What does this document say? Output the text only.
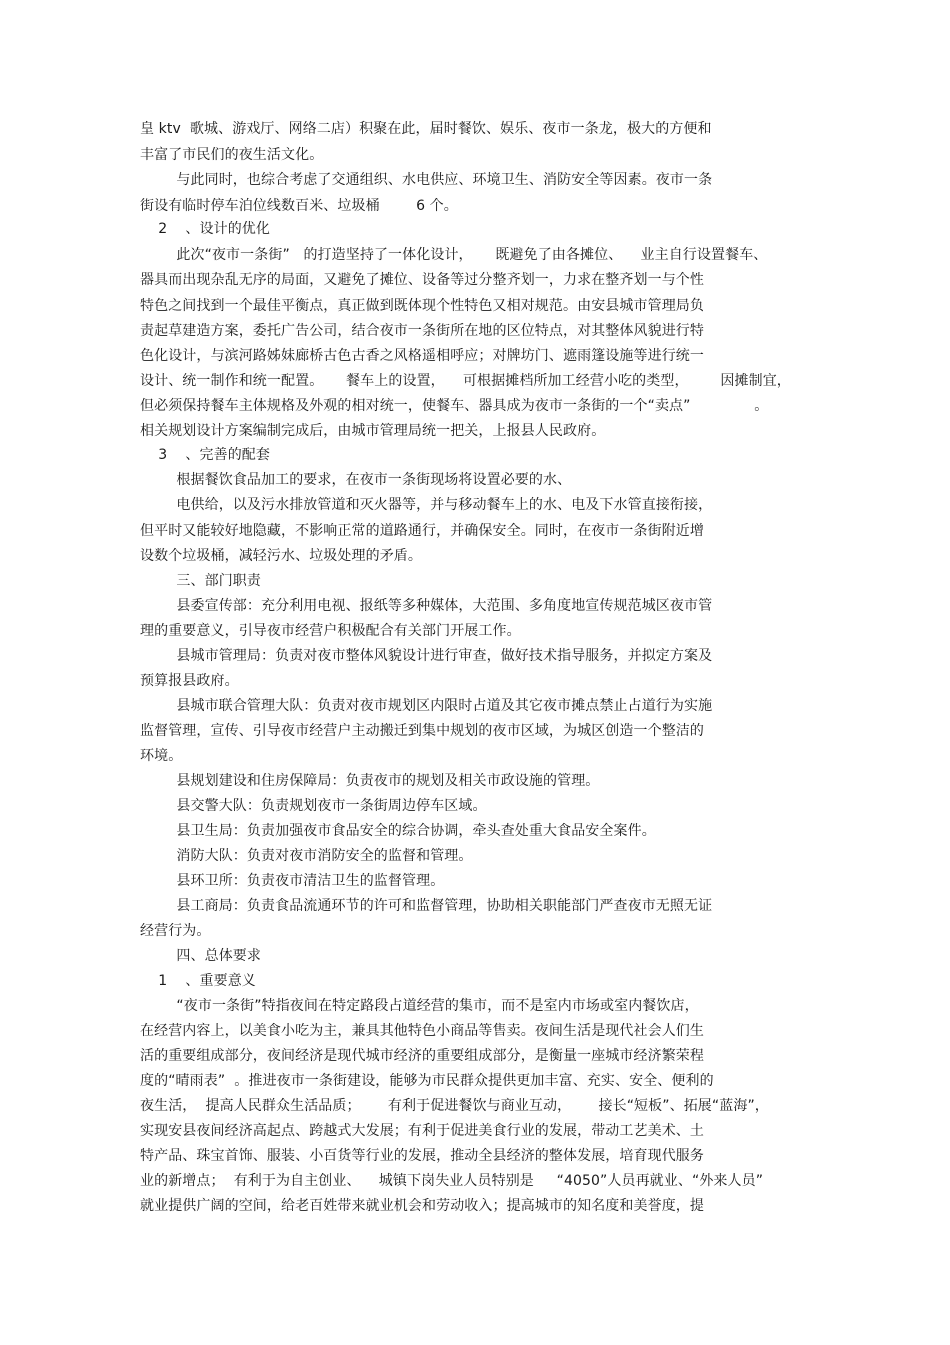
皇 ktv  歌城、游戏厅、网络二店）积聚在此，届时餐饮、娱乐、夜市一条龙，极大的方便和
丰富了市民们的夜生活文化。
与此同时，也综合考虑了交通组织、水电供应、环境卫生、消防安全等因素。夜市一条
街设有临时停车泊位线数百米、垃圾桶        6 个。
2    、设计的优化
此次“夜市一条街”   的打造坚持了一体化设计，     既避免了由各摊位、    业主自行设置餐车、
器具而出现杂乱无序的局面，又避免了摊位、设备等过分整齐划一，力求在整齐划一与个性
特色之间找到一个最佳平衡点，真正做到既体现个性特色又相对规范。由安县城市管理局负
责起草建造方案，委托广告公司，结合夜市一条街所在地的区位特点，对其整体风貌进行特
色化设计，与滨河路姊妹廊桥古色古香之风格遥相呼应；对牌坊门、遮雨篷设施等进行统一
设计、统一制作和统一配置。     餐车上的设置，    可根据摊档所加工经营小吃的类型，       因摊制宜，
但必须保持餐车主体规格及外观的相对统一，使餐车、器具成为夜市一条街的一个“卖点”              。
相关规划设计方案编制完成后，由城市管理局统一把关，上报县人民政府。
3    、完善的配套
根据餐饮食品加工的要求，在夜市一条街现场将设置必要的水、
电供给，以及污水排放管道和灭火器等，并与移动餐车上的水、电及下水管直接衔接，
但平时又能较好地隐藏，不影响正常的道路通行，并确保安全。同时，在夜市一条街附近增
设数个垃圾桶，减轻污水、垃圾处理的矛盾。
三、部门职责
县委宣传部：充分利用电视、报纸等多种媒体，大范围、多角度地宣传规范城区夜市管
理的重要意义，引导夜市经营户积极配合有关部门开展工作。
县城市管理局：负责对夜市整体风貌设计进行审查，做好技术指导服务，并拟定方案及
预算报县政府。
县城市联合管理大队：负责对夜市规划区内限时占道及其它夜市摊点禁止占道行为实施
监督管理，宣传、引导夜市经营户主动搬迁到集中规划的夜市区域，为城区创造一个整洁的
环境。
县规划建设和住房保障局：负责夜市的规划及相关市政设施的管理。
县交警大队：负责规划夜市一条街周边停车区域。
县卫生局：负责加强夜市食品安全的综合协调，牵头查处重大食品安全案件。
消防大队：负责对夜市消防安全的监督和管理。
县环卫所：负责夜市清洁卫生的监督管理。
县工商局：负责食品流通环节的许可和监督管理，协助相关职能部门严查夜市无照无证
经营行为。
四、总体要求
1    、重要意义
“夜市一条街”特指夜间在特定路段占道经营的集市，而不是室内市场或室内餐饮店，
在经营内容上，以美食小吃为主，兼具其他特色小商品等售卖。夜间生活是现代社会人们生
活的重要组成部分，夜间经济是现代城市经济的重要组成部分，是衡量一座城市经济繁荣程
度的“晴雨表”  。推进夜市一条街建设，能够为市民群众提供更加丰富、充实、安全、便利的
夜生活，  提高人民群众生活品质；      有利于促进餐饮与商业互动，      接长“短板”、拓展“蓝海”，
实现安县夜间经济高起点、跨越式大发展；有利于促进美食行业的发展，带动工艺美术、土
特产品、珠宝首饰、服装、小百货等行业的发展，推动全县经济的整体发展，培育现代服务
业的新增点；  有利于为自主创业、    城镇下岗失业人员特别是     “4050”人员再就业、“外来人员”
就业提供广阔的空间，给老百姓带来就业机会和劳动收入；提高城市的知名度和美誉度，提
